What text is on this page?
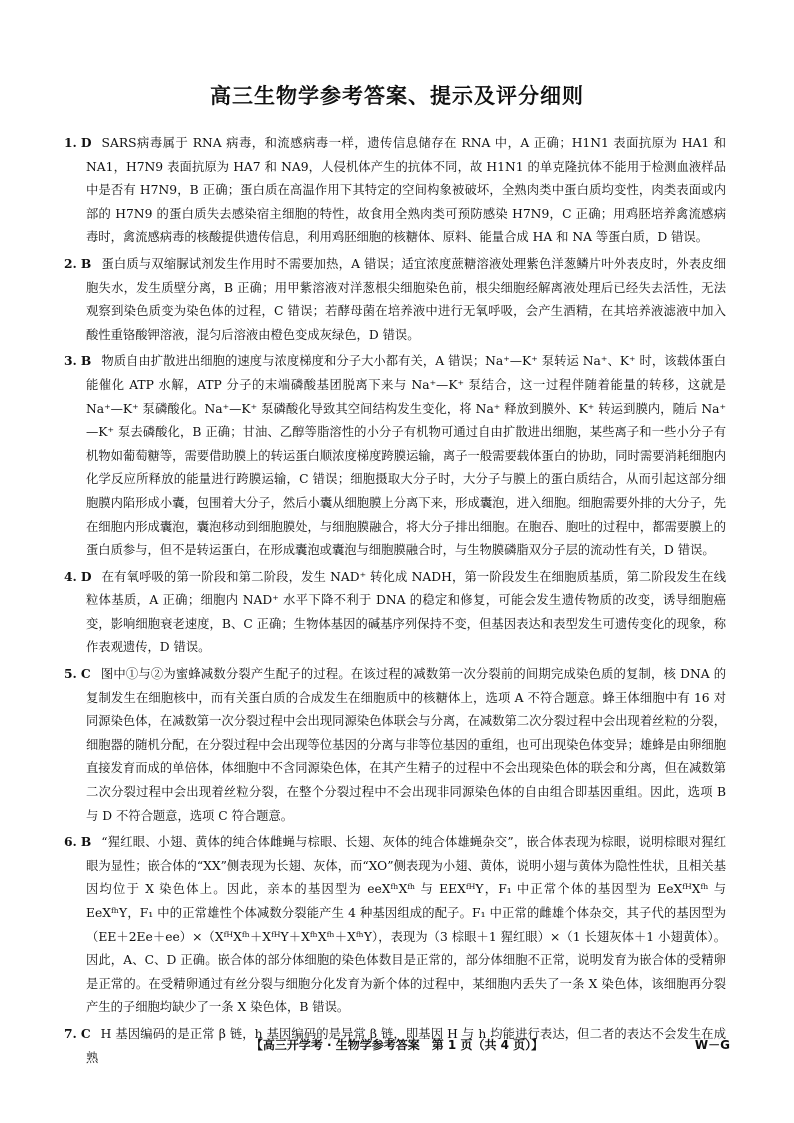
高三生物学参考答案、提示及评分细则

1. D SARS病毒属于 RNA 病毒，和流感病毒一样，遗传信息储存在 RNA 中，A 正确；H1N1 表面抗原为 HA1 和 NA1，H7N9 表面抗原为 HA7 和 NA9，人侵机体产生的抗体不同，故 H1N1 的单克隆抗体不能用于检测血液样品中是否有 H7N9，B 正确；蛋白质在高温作用下其特定的空间构象被破坏，全熟肉类中蛋白质均变性，肉类表面或内部的 H7N9 的蛋白质失去感染宿主细胞的特性，故食用全熟肉类可预防感染 H7N9，C 正确；用鸡胚培养禽流感病毒时，禽流感病毒的核酸提供遗传信息，利用鸡胚细胞的核糖体、原料、能量合成 HA 和 NA 等蛋白质，D 错误。

2. B 蛋白质与双缩脲试剂发生作用时不需要加热，A 错误；适宜浓度蔗糖溶液处理紫色洋葱鳞片叶外表皮时，外表皮细胞失水，发生质壁分离，B 正确；用甲紫溶液对洋葱根尖细胞染色前，根尖细胞经解离液处理后已经失去活性，无法观察到染色质变为染色体的过程，C 错误；若酵母菌在培养液中进行无氧呼吸，会产生酒精，在其培养液滤液中加入酸性重铬酸钾溶液，混匀后溶液由橙色变成灰绿色，D 错误。

3. B 物质自由扩散进出细胞的速度与浓度梯度和分子大小都有关，A 错误；Na⁺—K⁺ 泵转运 Na⁺、K⁺ 时，该载体蛋白能催化 ATP 水解，ATP 分子的末端磷酸基团脱离下来与 Na⁺—K⁺ 泵结合，这一过程伴随着能量的转移，这就是 Na⁺—K⁺ 泵磷酸化。Na⁺—K⁺ 泵磷酸化导致其空间结构发生变化，将 Na⁺ 释放到膜外、K⁺ 转运到膜内，随后 Na⁺—K⁺ 泵去磷酸化，B 正确；甘油、乙醇等脂溶性的小分子有机物可通过自由扩散进出细胞，某些离子和一些小分子有机物如葡萄糖等，需要借助膜上的转运蛋白顺浓度梯度跨膜运输，离子一般需要载体蛋白的协助，同时需要消耗细胞内化学反应所释放的能量进行跨膜运输，C 错误；细胞摄取大分子时，大分子与膜上的蛋白质结合，从而引起这部分细胞膜内陷形成小囊，包围着大分子，然后小囊从细胞膜上分离下来，形成囊泡，进入细胞。细胞需要外排的大分子，先在细胞内形成囊泡，囊泡移动到细胞膜处，与细胞膜融合，将大分子排出细胞。在胞吞、胞吐的过程中，都需要膜上的蛋白质参与，但不是转运蛋白，在形成囊泡或囊泡与细胞膜融合时，与生物膜磷脂双分子层的流动性有关，D 错误。

4. D 在有氧呼吸的第一阶段和第二阶段，发生 NAD⁺ 转化成 NADH，第一阶段发生在细胞质基质，第二阶段发生在线粒体基质，A 正确；细胞内 NAD⁺ 水平下降不利于 DNA 的稳定和修复，可能会发生遗传物质的改变，诱导细胞癌变，影响细胞衰老速度，B、C 正确；生物体基因的碱基序列保持不变，但基因表达和表型发生可遗传变化的现象，称作表观遗传，D 错误。

5. C 图中①与②为蜜蜂减数分裂产生配子的过程。在该过程的减数第一次分裂前的间期完成染色质的复制，核 DNA 的复制发生在细胞核中，而有关蛋白质的合成发生在细胞质中的核糖体上，选项 A 不符合题意。蜂王体细胞中有 16 对同源染色体，在减数第一次分裂过程中会出现同源染色体联会与分离，在减数第二次分裂过程中会出现着丝粒的分裂，细胞器的随机分配，在分裂过程中会出现等位基因的分离与非等位基因的重组，也可出现染色体变异；雄蜂是由卵细胞直接发育而成的单倍体，体细胞中不含同源染色体，在其产生精子的过程中不会出现染色体的联会和分离，但在减数第二次分裂过程中会出现着丝粒分裂，在整个分裂过程中不会出现非同源染色体的自由组合即基因重组。因此，选项 B 与 D 不符合题意，选项 C 符合题意。

6. B “猩红眼、小翅、黄体的纯合体雌蝇与棕眼、长翅、灰体的纯合体雄蝇杂交”，嵌合体表现为棕眼，说明棕眼对猩红眼为显性；嵌合体的“XX”侧表现为长翅、灰体，而“XO”侧表现为小翅、黄体，说明小翅与黄体为隐性性状，且相关基因均位于 X 染色体上。因此，亲本的基因型为 eeXᶠʰXᶠʰ 与 EEXᶠᴴY，F₁ 中正常个体的基因型为 EeXᶠᴴXᶠʰ 与 EeXᶠʰY，F₁ 中的正常雄性个体减数分裂能产生 4 种基因组成的配子。F₁ 中正常的雌雄个体杂交，其子代的基因型为（EE＋2Ee＋ee）×（XᶠᴴXᶠʰ＋XᶠᴴY＋XᶠʰXᶠʰ＋XᶠʰY），表现为（3 棕眼＋1 猩红眼）×（1 长翅灰体＋1 小翅黄体）。因此，A、C、D 正确。嵌合体的部分体细胞的染色体数目是正常的，部分体细胞不正常，说明发育为嵌合体的受精卵是正常的。在受精卵通过有丝分裂与细胞分化发育为新个体的过程中，某细胞内丢失了一条 X 染色体，该细胞再分裂产生的子细胞均缺少了一条 X 染色体，B 错误。

7. C H 基因编码的是正常 β 链，h 基因编码的是异常 β 链，即基因 H 与 h 均能进行表达，但二者的表达不会发生在成熟

【高三开学考 · 生物学参考答案　第 1 页（共 4 页）】	W－G
